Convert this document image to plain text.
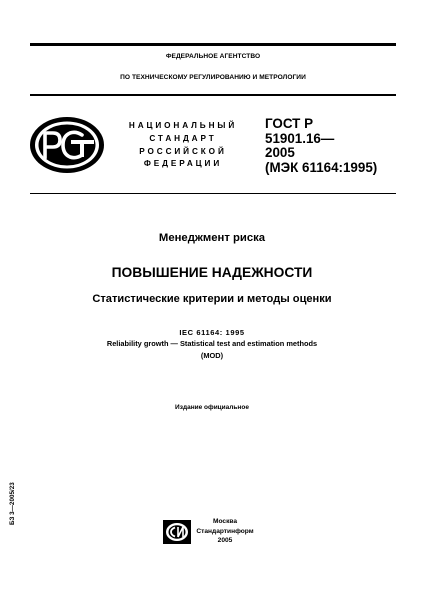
ФЕДЕРАЛЬНОЕ АГЕНТСТВО
ПО ТЕХНИЧЕСКОМУ РЕГУЛИРОВАНИЮ И МЕТРОЛОГИИ
РСТ
НАЦИОНАЛЬНЫЙ
СТАНДАРТ
РОССИЙСКОЙ
ФЕДЕРАЦИИ
ГОСТ Р
51901.16—
2005
(МЭК 61164:1995)
Менеджмент риска
ПОВЫШЕНИЕ НАДЕЖНОСТИ
Статистические критерии и методы оценки
IEC 61164: 1995
Reliability growth — Statistical test and estimation methods
(MOD)
Издание официальное
БЗ 3—2005/23	СИ	Москва
Стандартинформ
2005
